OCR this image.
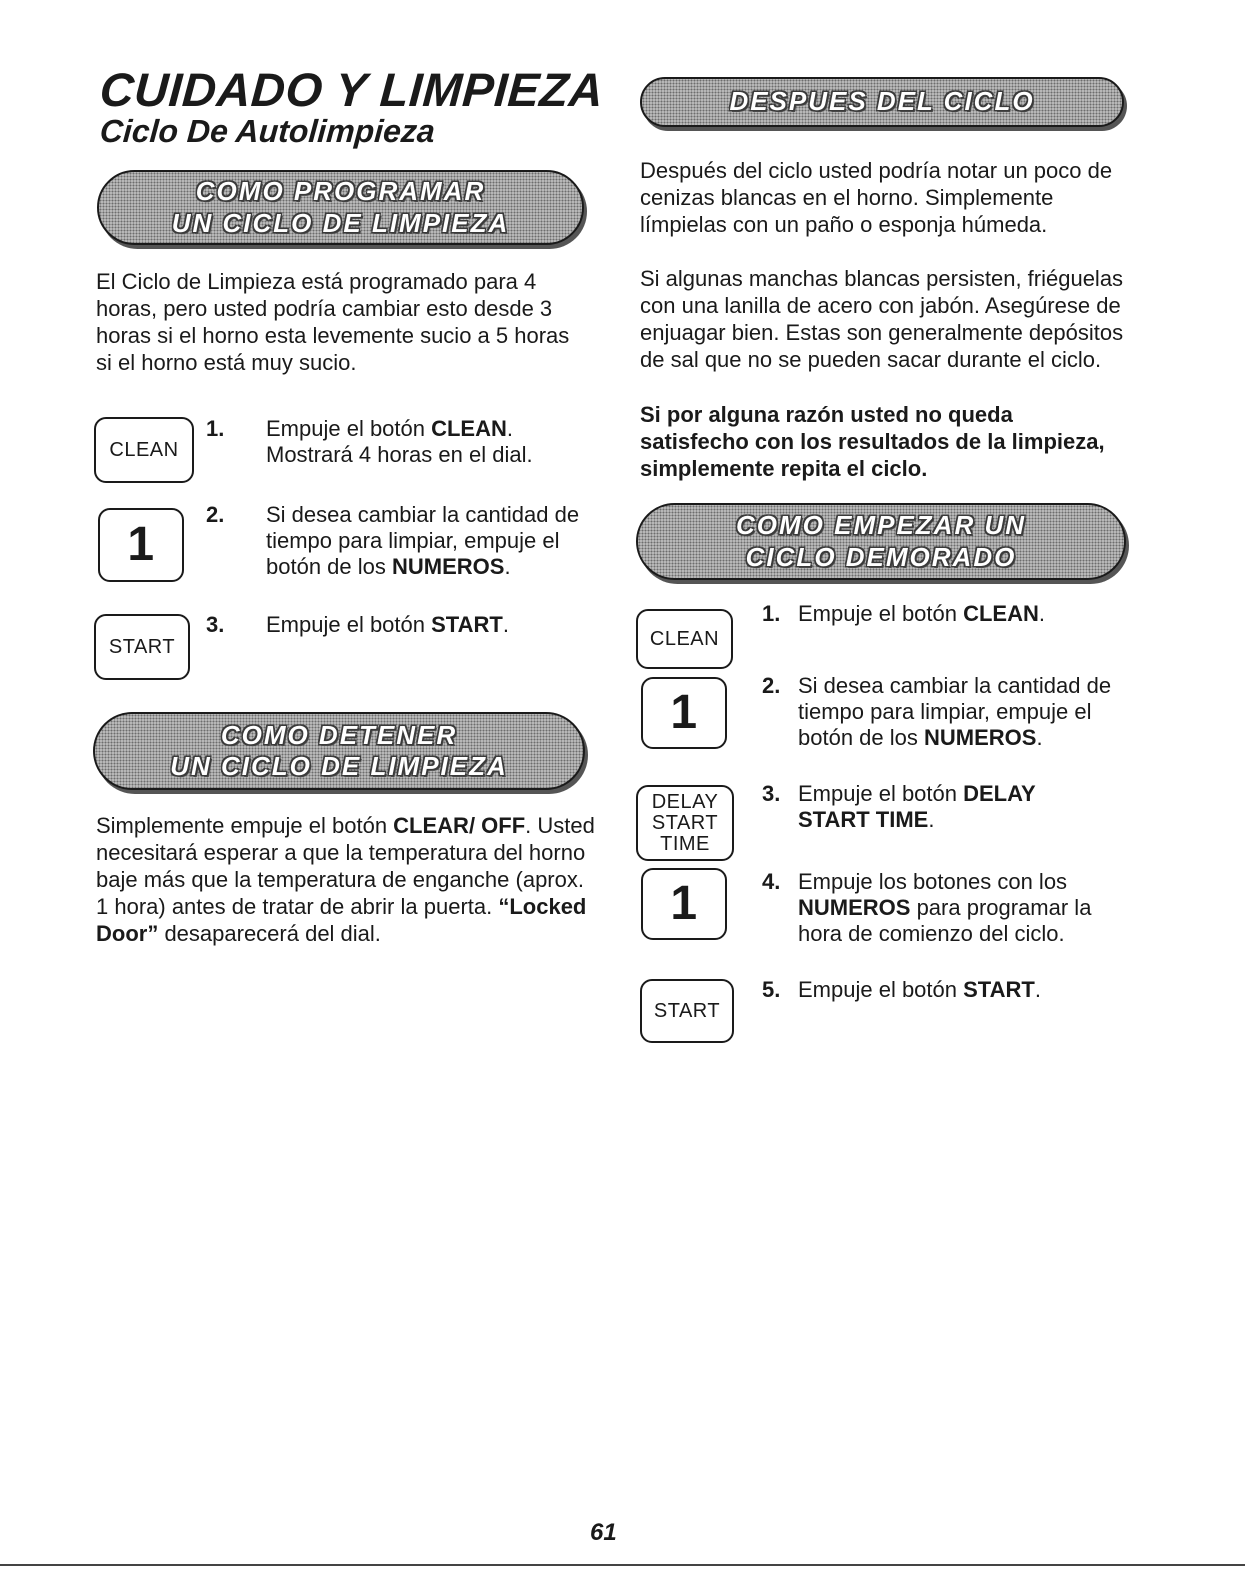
CUIDADO Y LIMPIEZA
Ciclo De Autolimpieza
COMO PROGRAMAR
UN CICLO DE LIMPIEZA

El Ciclo de Limpieza está programado para 4 horas, pero usted podría cambiar esto desde 3 horas si el horno esta levemente sucio a 5 horas si el horno está muy sucio.

CLEAN
1
START
1. Empuje el botón CLEAN. Mostrará 4 horas en el dial.
2. Si desea cambiar la cantidad de tiempo para limpiar, empuje el botón de los NUMEROS.
3. Empuje el botón START.
COMO DETENER
UN CICLO DE LIMPIEZA

Simplemente empuje el botón CLEAR/ OFF. Usted necesitará esperar a que la temperatura del horno baje más que la temperatura de enganche (aprox. 1 hora) antes de tratar de abrir la puerta. “Locked Door” desaparecerá del dial.

DESPUES DEL CICLO

Después del ciclo usted podría notar un poco de cenizas blancas en el horno. Simplemente límpielas con un paño o esponja húmeda.

Si algunas manchas blancas persisten, friéguelas con una lanilla de acero con jabón. Asegúrese de enjuagar bien. Estas son generalmente depósitos de sal que no se pueden sacar durante el ciclo.

Si por alguna razón usted no queda satisfecho con los resultados de la limpieza, simplemente repita el ciclo.

COMO EMPEZAR UN
CICLO DEMORADO
CLEAN
1
DELAY START TIME
1
START
1. Empuje el botón CLEAN.
2. Si desea cambiar la cantidad de tiempo para limpiar, empuje el botón de los NUMEROS.
3. Empuje el botón DELAY START TIME.
4. Empuje los botones con los NUMEROS para programar la hora de comienzo del ciclo.
5. Empuje el botón START.
61
